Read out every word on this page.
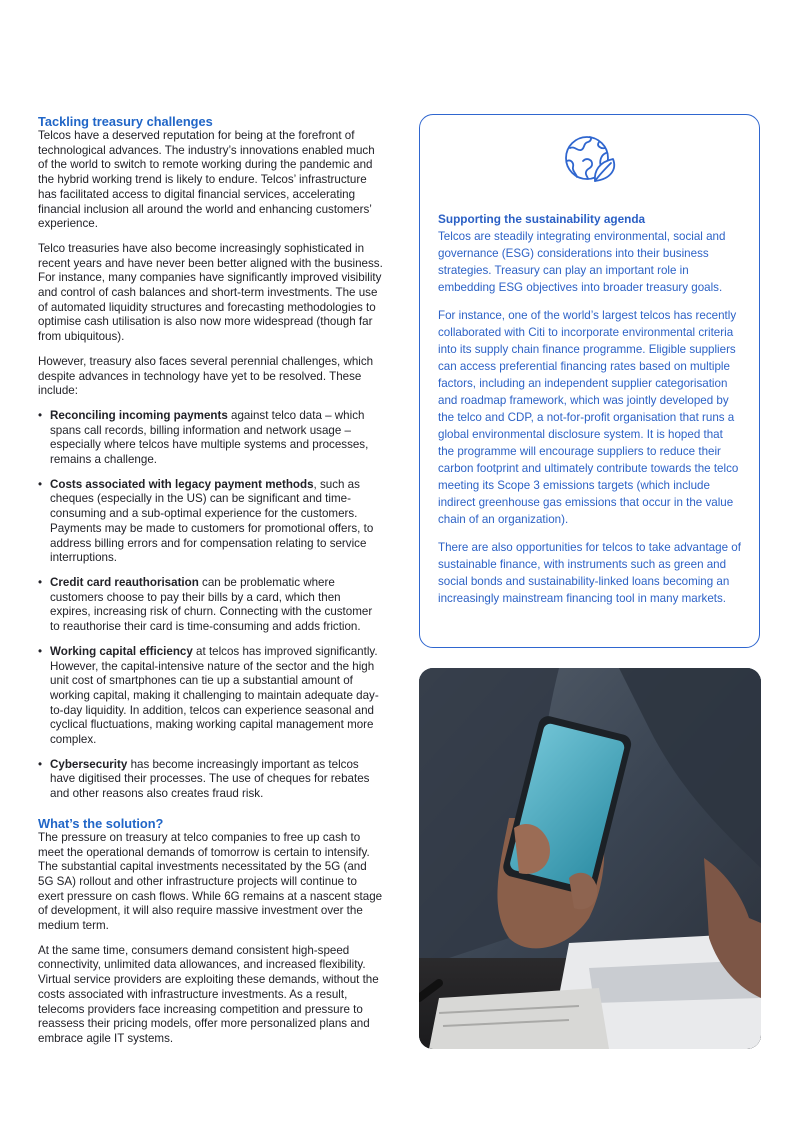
Tackling treasury challenges

Telcos have a deserved reputation for being at the forefront of technological advances. The industry’s innovations enabled much of the world to switch to remote working during the pandemic and the hybrid working trend is likely to endure. Telcos’ infrastructure has facilitated access to digital financial services, accelerating financial inclusion all around the world and enhancing customers’ experience.

Telco treasuries have also become increasingly sophisticated in recent years and have never been better aligned with the business. For instance, many companies have significantly improved visibility and control of cash balances and short-term investments. The use of automated liquidity structures and forecasting methodologies to optimise cash utilisation is also now more widespread (though far from ubiquitous).

However, treasury also faces several perennial challenges, which despite advances in technology have yet to be resolved. These include:

• Reconciling incoming payments against telco data – which spans call records, billing information and network usage – especially where telcos have multiple systems and processes, remains a challenge.
• Costs associated with legacy payment methods, such as cheques (especially in the US) can be significant and time-consuming and a sub-optimal experience for the customers. Payments may be made to customers for promotional offers, to address billing errors and for compensation relating to service interruptions.
• Credit card reauthorisation can be problematic where customers choose to pay their bills by a card, which then expires, increasing risk of churn. Connecting with the customer to reauthorise their card is time-consuming and adds friction.
• Working capital efficiency at telcos has improved significantly. However, the capital-intensive nature of the sector and the high unit cost of smartphones can tie up a substantial amount of working capital, making it challenging to maintain adequate day-to-day liquidity. In addition, telcos can experience seasonal and cyclical fluctuations, making working capital management more complex.
• Cybersecurity has become increasingly important as telcos have digitised their processes. The use of cheques for rebates and other reasons also creates fraud risk.
What’s the solution?

The pressure on treasury at telco companies to free up cash to meet the operational demands of tomorrow is certain to intensify. The substantial capital investments necessitated by the 5G (and 5G SA) rollout and other infrastructure projects will continue to exert pressure on cash flows. While 6G remains at a nascent stage of development, it will also require massive investment over the medium term.

At the same time, consumers demand consistent high-speed connectivity, unlimited data allowances, and increased flexibility. Virtual service providers are exploiting these demands, without the costs associated with infrastructure investments. As a result, telecoms providers face increasing competition and pressure to reassess their pricing models, offer more personalized plans and embrace agile IT systems.

Supporting the sustainability agenda

Telcos are steadily integrating environmental, social and governance (ESG) considerations into their business strategies. Treasury can play an important role in embedding ESG objectives into broader treasury goals.

For instance, one of the world’s largest telcos has recently collaborated with Citi to incorporate environmental criteria into its supply chain finance programme. Eligible suppliers can access preferential financing rates based on multiple factors, including an independent supplier categorisation and roadmap framework, which was jointly developed by the telco and CDP, a not-for-profit organisation that runs a global environmental disclosure system. It is hoped that the programme will encourage suppliers to reduce their carbon footprint and ultimately contribute towards the telco meeting its Scope 3 emissions targets (which include indirect greenhouse gas emissions that occur in the value chain of an organization).

There are also opportunities for telcos to take advantage of sustainable finance, with instruments such as green and social bonds and sustainability-linked loans becoming an increasingly mainstream financing tool in many markets.
